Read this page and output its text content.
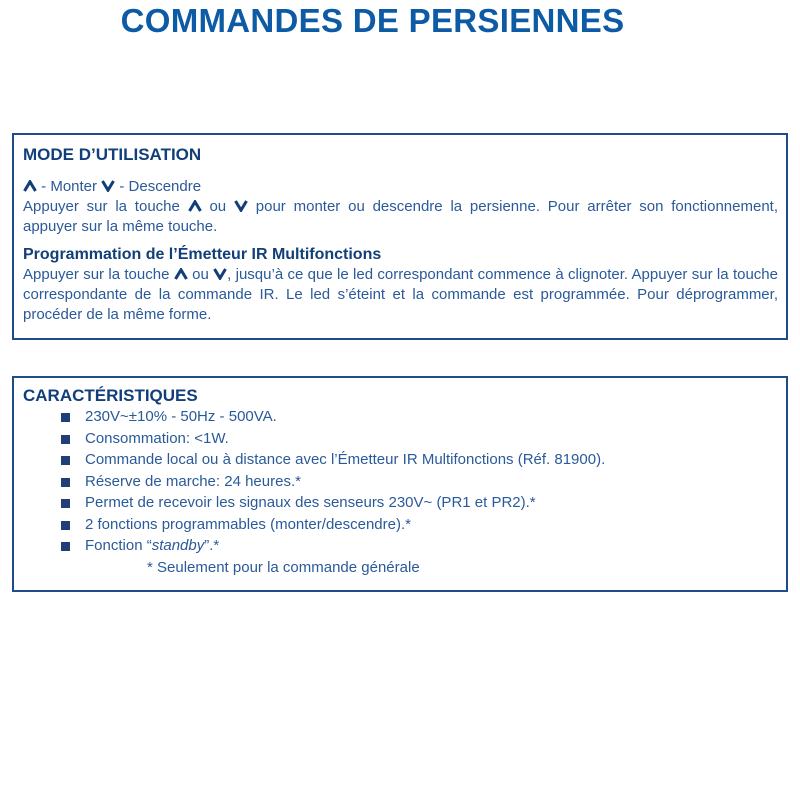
COMMANDES DE PERSIENNES
MODE D’UTILISATION

- Monter  - Descendre

Appuyer sur la touche  ou  pour monter ou descendre la persienne. Pour arrêter son fonctionnement, appuyer sur la même touche.

Programmation de l’Émetteur IR Multifonctions

Appuyer sur la touche  ou , jusqu’à ce que le led correspondant commence à clignoter. Appuyer sur la touche correspondante de la commande IR. Le led s’éteint et la commande est programmée. Pour déprogrammer, procéder de la même forme.

CARACTÉRISTIQUES
230V~±10% - 50Hz - 500VA.
Consommation: <1W.
Commande local ou à distance avec l’Émetteur IR Multifonctions (Réf. 81900).
Réserve de marche: 24 heures.*
Permet de recevoir les signaux des senseurs 230V~ (PR1 et PR2).*
2 fonctions programmables (monter/descendre).*
Fonction “standby”.*

* Seulement pour la commande générale
